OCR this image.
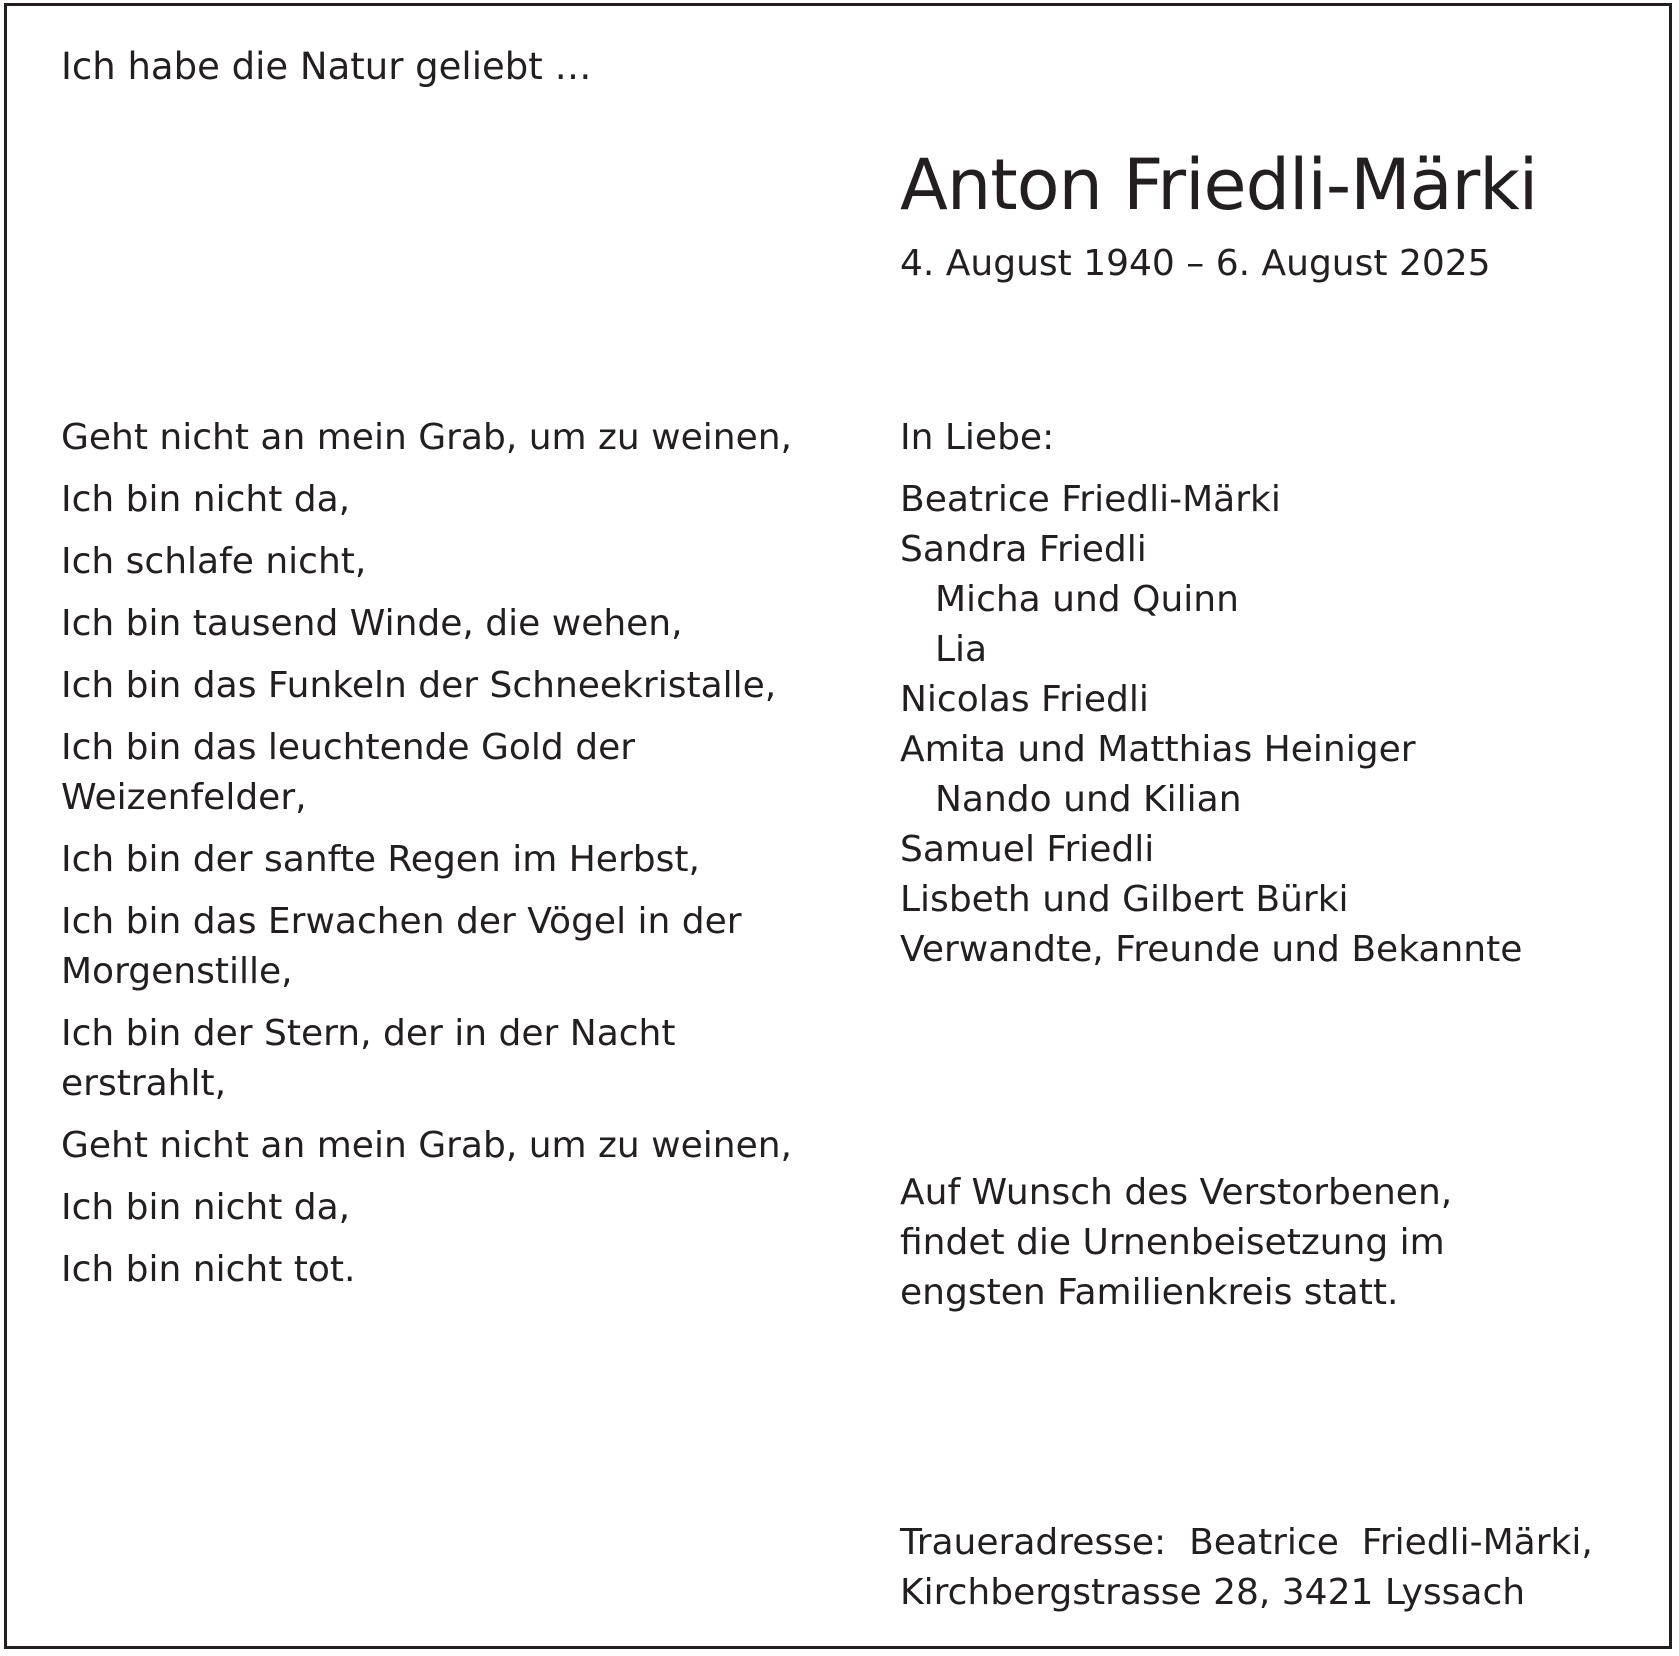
Ich habe die Natur geliebt …
Anton Friedli-Märki
4. August 1940 – 6. August 2025
Geht nicht an mein Grab, um zu weinen,
Ich bin nicht da,
Ich schlafe nicht,
Ich bin tausend Winde, die wehen,
Ich bin das Funkeln der Schneekristalle,
Ich bin das leuchtende Gold der Weizenfelder,
Ich bin der sanfte Regen im Herbst,
Ich bin das Erwachen der Vögel in der Morgenstille,
Ich bin der Stern, der in der Nacht erstrahlt,
Geht nicht an mein Grab, um zu weinen,
Ich bin nicht da,
Ich bin nicht tot.
In Liebe:
Beatrice Friedli-Märki
Sandra Friedli
Micha und Quinn
Lia
Nicolas Friedli
Amita und Matthias Heiniger
Nando und Kilian
Samuel Friedli
Lisbeth und Gilbert Bürki
Verwandte, Freunde und Bekannte
Auf Wunsch des Verstorbenen,
findet die Urnenbeisetzung im
engsten Familienkreis statt.
Traueradresse:  Beatrice  Friedli-Märki,
Kirchbergstrasse 28, 3421 Lyssach
